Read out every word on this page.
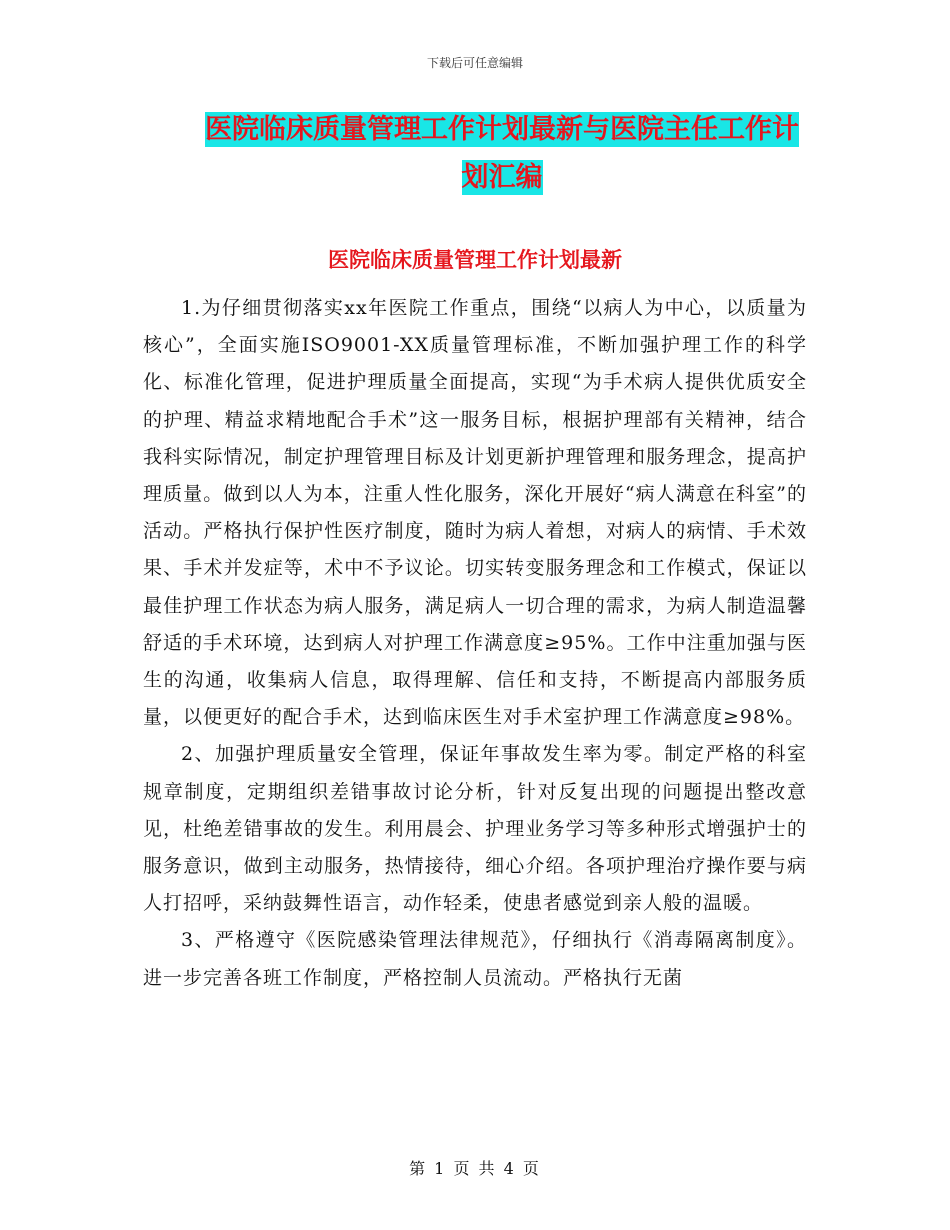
下载后可任意编辑
医院临床质量管理工作计划最新与医院主任工作计划汇编
医院临床质量管理工作计划最新

1.为仔细贯彻落实xx年医院工作重点，围绕“以病人为中心，以质量为核心”，全面实施ISO9001-XX质量管理标准，不断加强护理工作的科学化、标准化管理，促进护理质量全面提高，实现“为手术病人提供优质安全的护理、精益求精地配合手术”这一服务目标，根据护理部有关精神，结合我科实际情况，制定护理管理目标及计划更新护理管理和服务理念，提高护理质量。做到以人为本，注重人性化服务，深化开展好“病人满意在科室”的活动。严格执行保护性医疗制度，随时为病人着想，对病人的病情、手术效果、手术并发症等，术中不予议论。切实转变服务理念和工作模式，保证以最佳护理工作状态为病人服务，满足病人一切合理的需求，为病人制造温馨舒适的手术环境，达到病人对护理工作满意度≥95%。工作中注重加强与医生的沟通，收集病人信息，取得理解、信任和支持，不断提高内部服务质量，以便更好的配合手术，达到临床医生对手术室护理工作满意度≥98%。

2、加强护理质量安全管理，保证年事故发生率为零。制定严格的科室规章制度，定期组织差错事故讨论分析，针对反复出现的问题提出整改意见，杜绝差错事故的发生。利用晨会、护理业务学习等多种形式增强护士的服务意识，做到主动服务，热情接待，细心介绍。各项护理治疗操作要与病人打招呼，采纳鼓舞性语言，动作轻柔，使患者感觉到亲人般的温暖。

3、严格遵守《医院感染管理法律规范》，仔细执行《消毒隔离制度》。进一步完善各班工作制度，严格控制人员流动。严格执行无菌

第 1 页 共 4 页
